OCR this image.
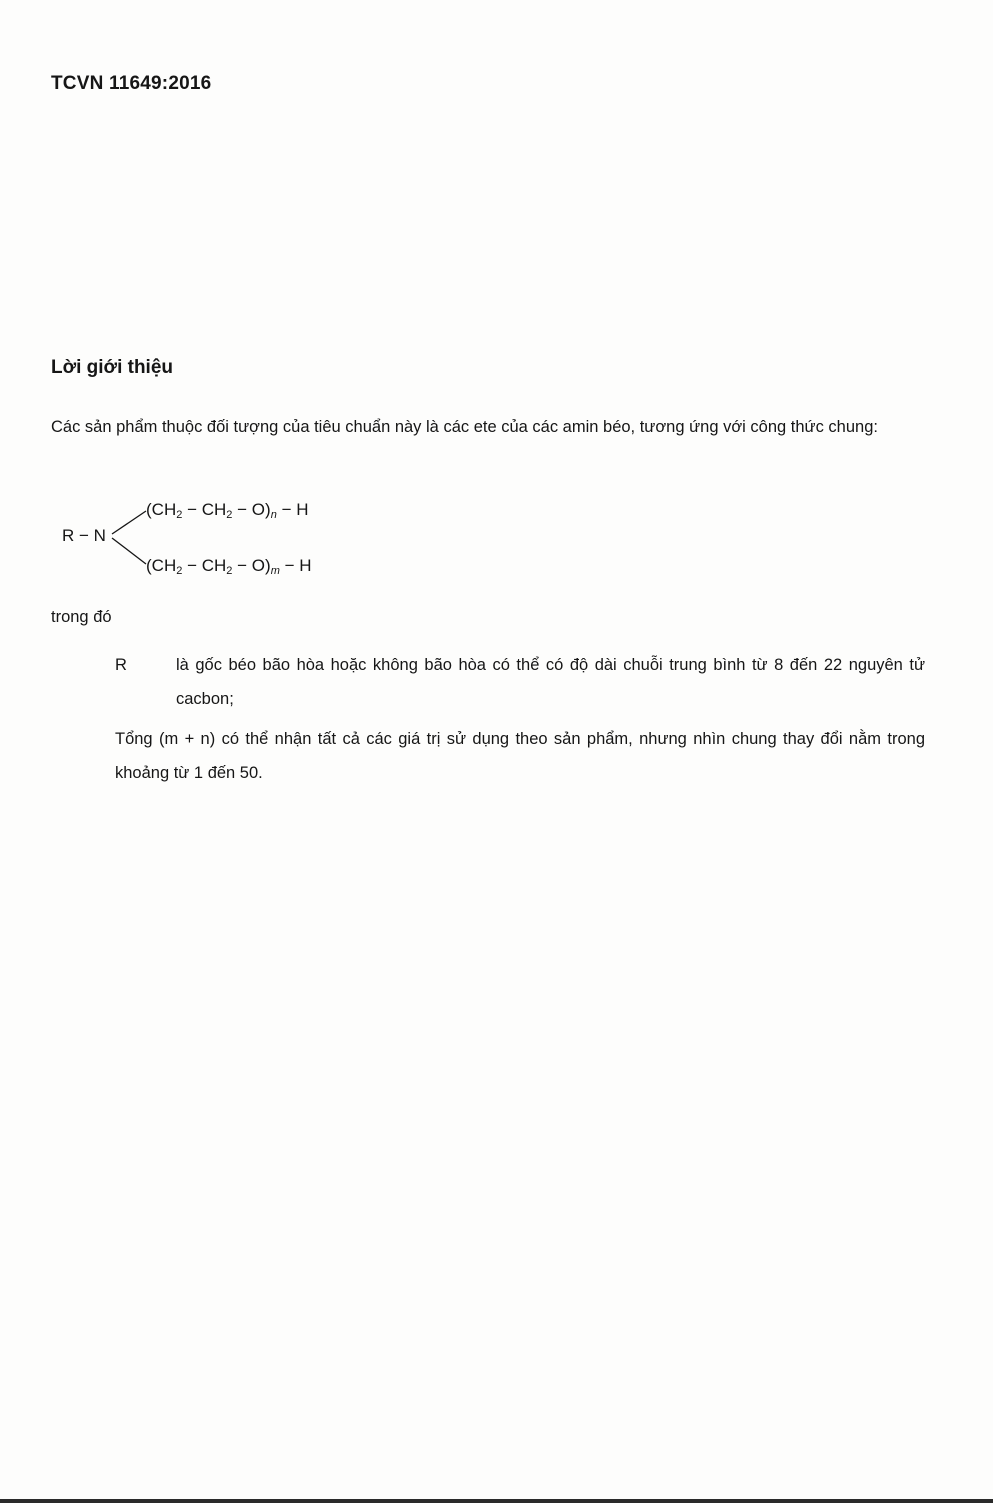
TCVN 11649:2016

Lời giới thiệu

Các sản phẩm thuộc đối tượng của tiêu chuẩn này là các ete của các amin béo, tương ứng với công thức chung:

R − N
$(CH_2 - CH_2 - O)n - H$
$(CH_2 - CH_2 - O)m - H$

trong đó

R	là gốc béo bão hòa hoặc không bão hòa có thể có độ dài chuỗi trung bình từ 8 đến 22 nguyên tử cacbon;

Tổng (m + n) có thể nhận tất cả các giá trị sử dụng theo sản phẩm, nhưng nhìn chung thay đổi nằm trong khoảng từ 1 đến 50.
